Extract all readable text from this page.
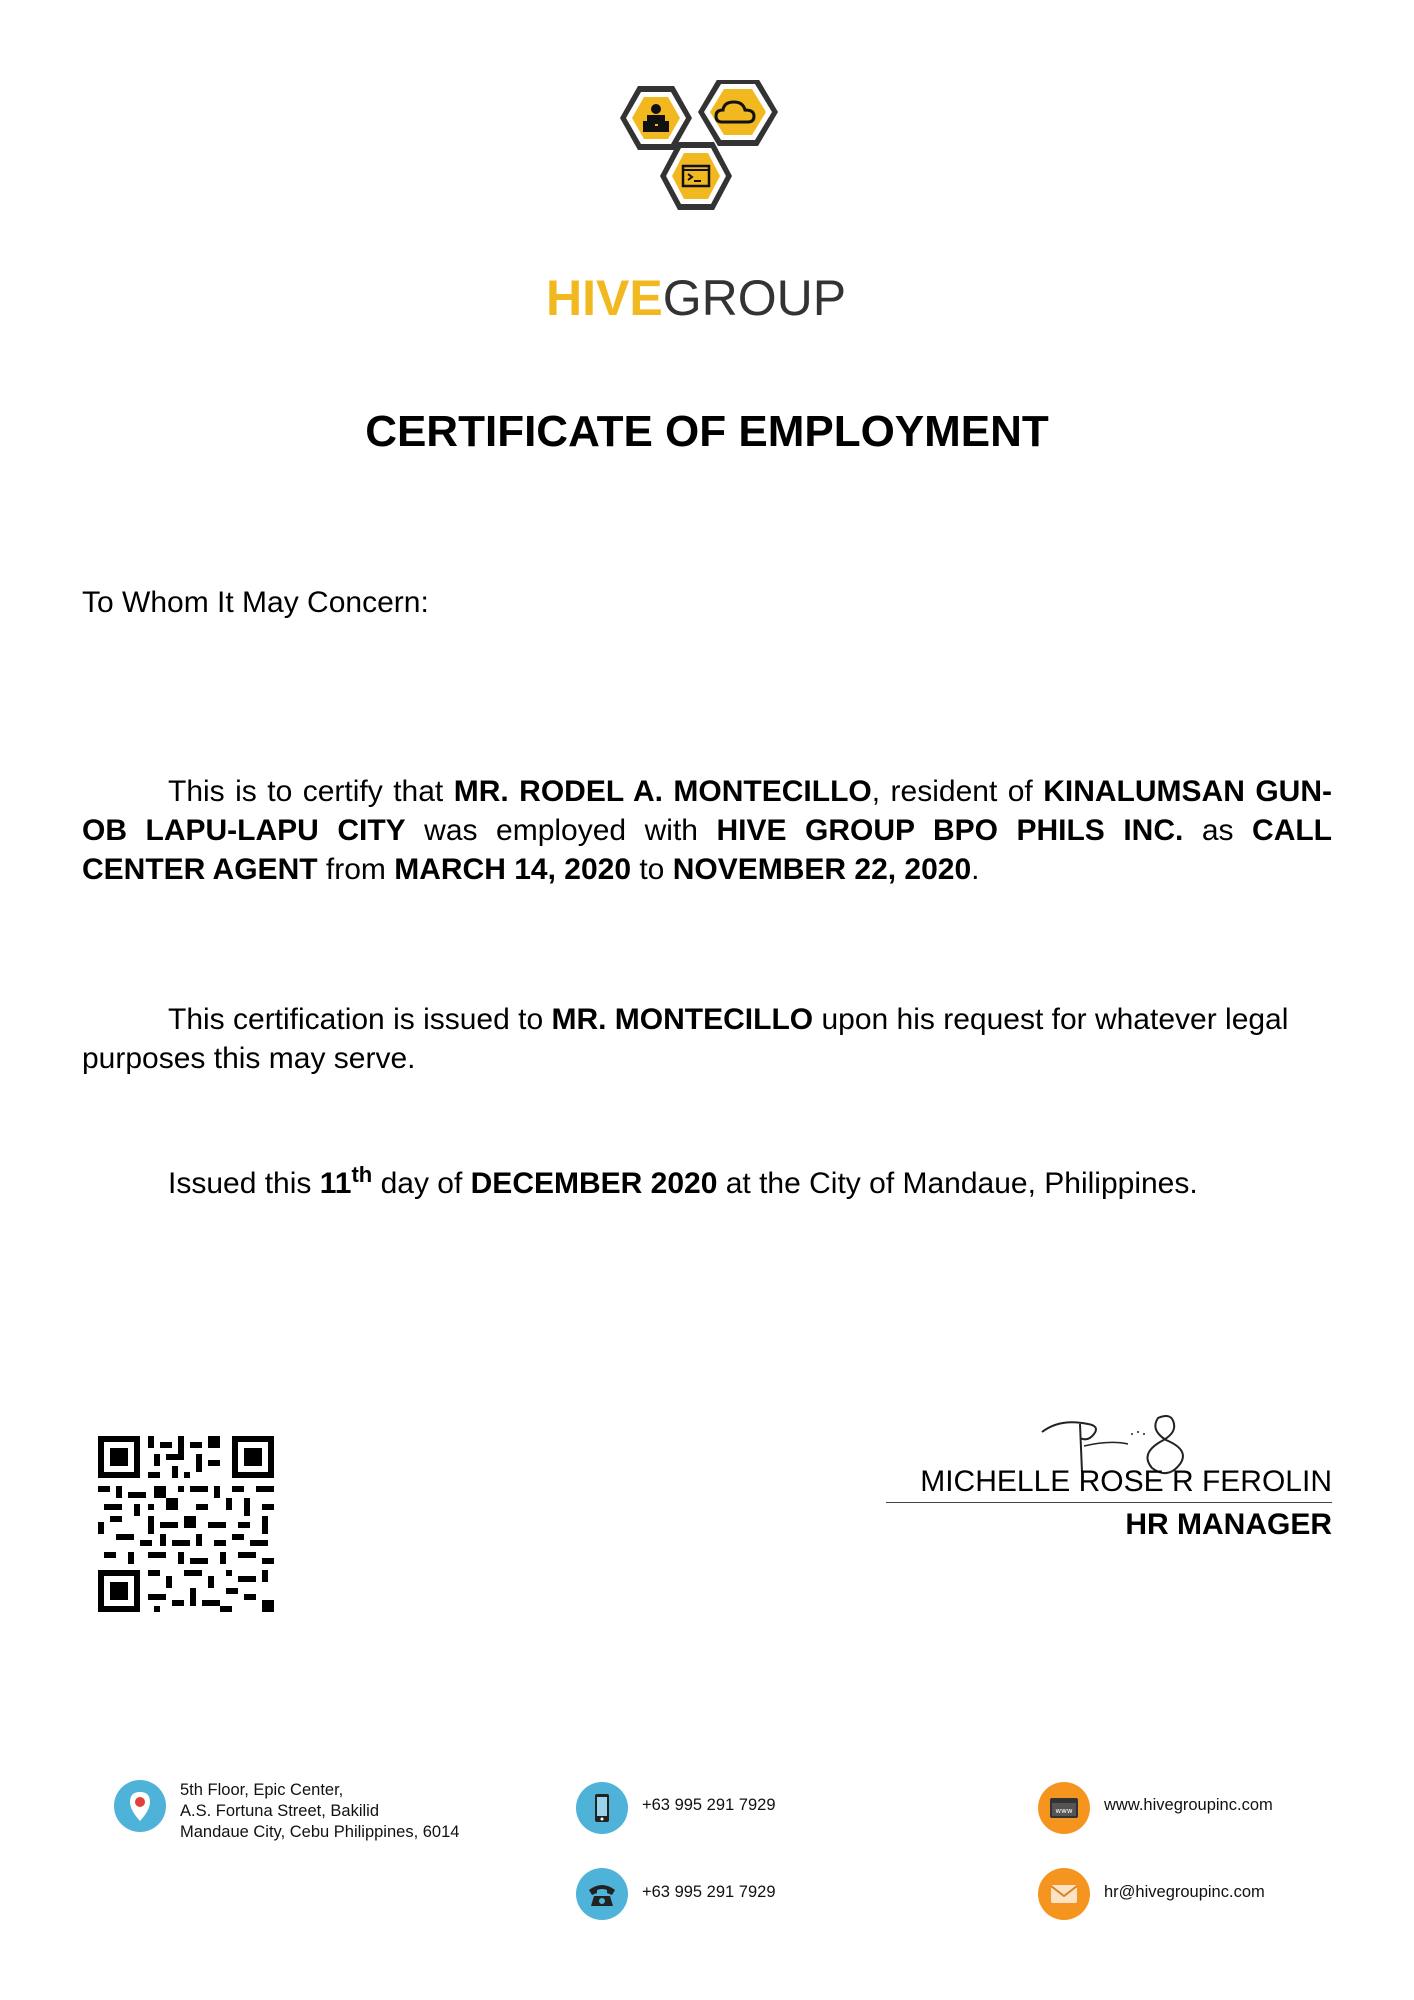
HIVEGROUP
CERTIFICATE OF EMPLOYMENT
To Whom It May Concern:
This is to certify that MR. RODEL A. MONTECILLO, resident of KINALUMSAN GUN-OB LAPU-LAPU CITY was employed with HIVE GROUP BPO PHILS INC. as CALL CENTER AGENT from MARCH 14, 2020 to NOVEMBER 22, 2020.
This certification is issued to MR. MONTECILLO upon his request for whatever legal purposes this may serve.
Issued this 11th day of DECEMBER 2020 at the City of Mandaue, Philippines.
MICHELLE ROSE R FEROLIN
HR MANAGER
5th Floor, Epic Center,
A.S. Fortuna Street, Bakilid
Mandaue City, Cebu Philippines, 6014
+63 995 291 7929
+63 995 291 7929
www www.hivegroupinc.com
hr@hivegroupinc.com
